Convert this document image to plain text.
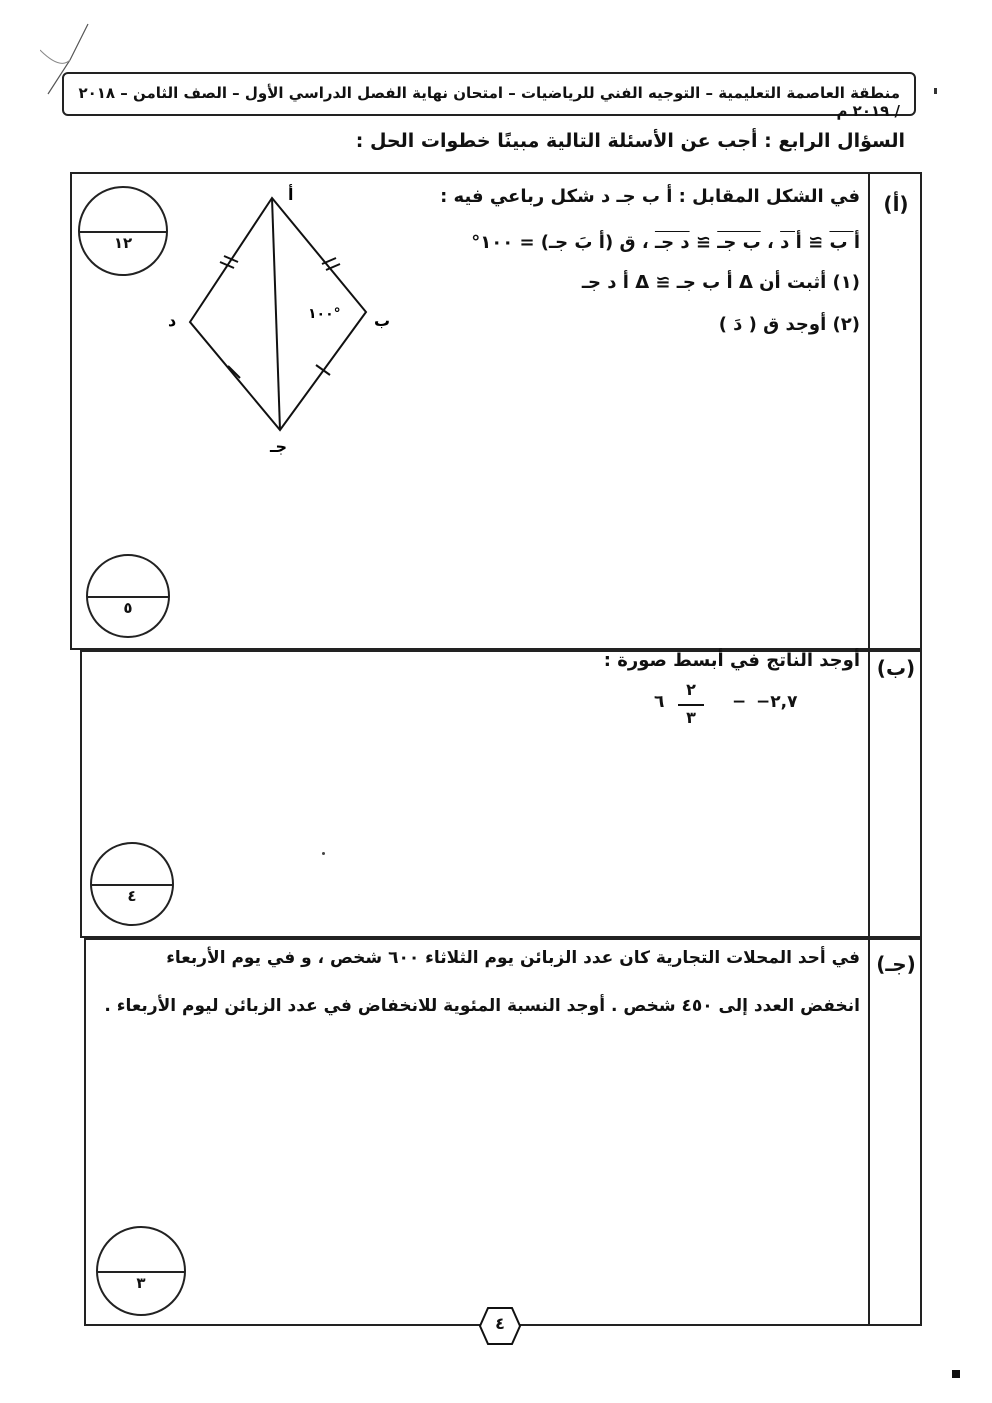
منطقة العاصمة التعليمية – التوجيه الفني للرياضيات – امتحان نهاية الفصل الدراسي الأول – الصف الثامن – ٢٠١٨ / ٢٠١٩ م
السؤال الرابع : أجب عن الأسئلة التالية مبينًا خطوات الحل :
(أ)
في الشكل المقابل : أ ب جـ د شكل رباعي فيه :
أ ب ≅ أ د ، ب جـ ≅ د جـ ، ق (أ بَ جـ) = ١٠٠°
(١) أثبت أن Δ أ ب جـ ≅ Δ أ د جـ
(٢) أوجد ق ( دَ )
أ
ب
جـ
د	١٠٠°
١٢
٥
(ب)
أوجد الناتج في أبسط صورة :
−٢,٧
−
٢
٣
٦
٤
(جـ)
في أحد المحلات التجارية كان عدد الزبائن يوم الثلاثاء ٦٠٠ شخص ، و في يوم الأربعاء
انخفض العدد إلى ٤٥٠ شخص . أوجد النسبة المئوية للانخفاض في عدد الزبائن ليوم الأربعاء .
٣
٤
